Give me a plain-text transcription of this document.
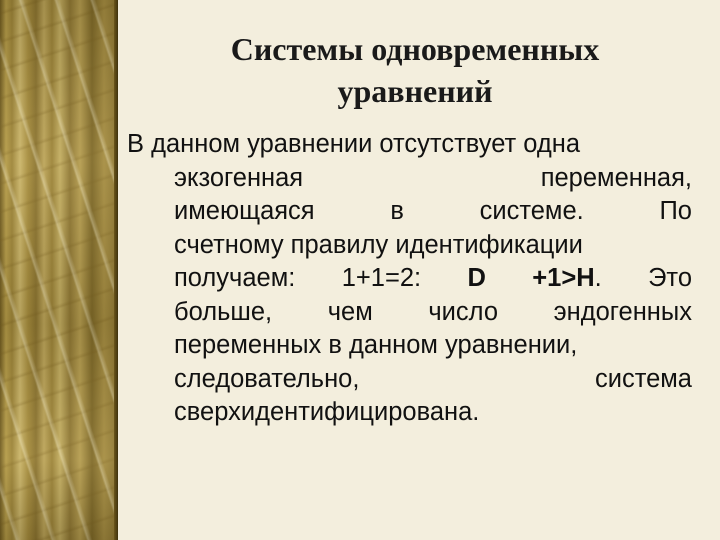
Системы одновременных
уравнений
В данном уравнении отсутствует одна
экзогенная	переменная,
имеющаяся	в	системе.	По
счетному правилу идентификации
получаем: 1+1=2: D +1>H. Это
больше, чем число эндогенных
переменных в данном уравнении,
следовательно,	система
сверхидентифицирована.
